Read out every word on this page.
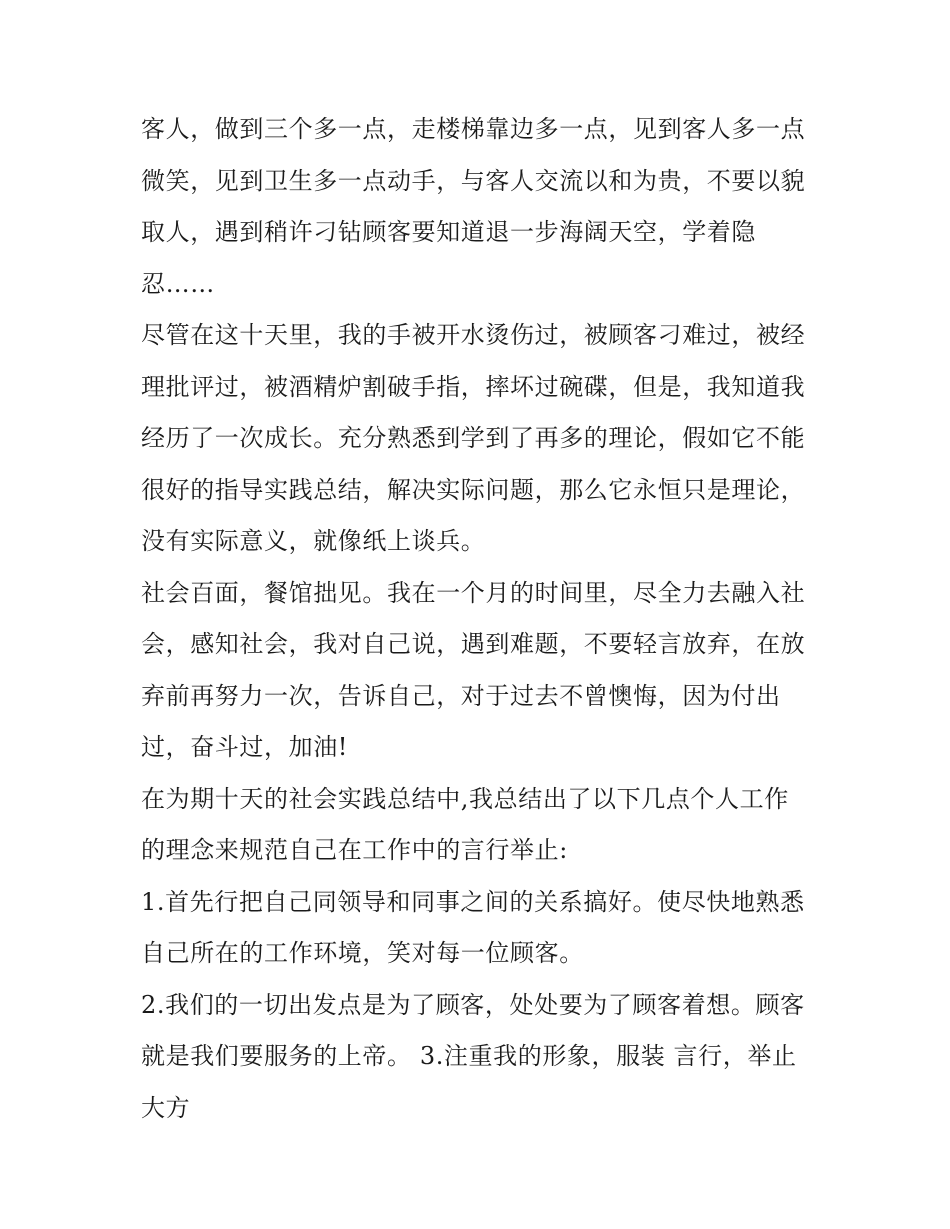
客人，做到三个多一点，走楼梯靠边多一点，见到客人多一点
微笑，见到卫生多一点动手，与客人交流以和为贵，不要以貌
取人，遇到稍许刁钻顾客要知道退一步海阔天空，学着隐
忍……
尽管在这十天里，我的手被开水烫伤过，被顾客刁难过，被经
理批评过，被酒精炉割破手指，摔坏过碗碟，但是，我知道我
经历了一次成长。充分熟悉到学到了再多的理论，假如它不能
很好的指导实践总结，解决实际问题，那么它永恒只是理论，
没有实际意义，就像纸上谈兵。
社会百面，餐馆拙见。我在一个月的时间里，尽全力去融入社
会，感知社会，我对自己说，遇到难题，不要轻言放弃，在放
弃前再努力一次，告诉自己，对于过去不曾懊悔，因为付出
过，奋斗过，加油!
在为期十天的社会实践总结中,我总结出了以下几点个人工作
的理念来规范自己在工作中的言行举止:
1.首先行把自己同领导和同事之间的关系搞好。使尽快地熟悉
自己所在的工作环境，笑对每一位顾客。
2.我们的一切出发点是为了顾客，处处要为了顾客着想。顾客
就是我们要服务的上帝。 3.注重我的形象，服装 言行，举止
大方
